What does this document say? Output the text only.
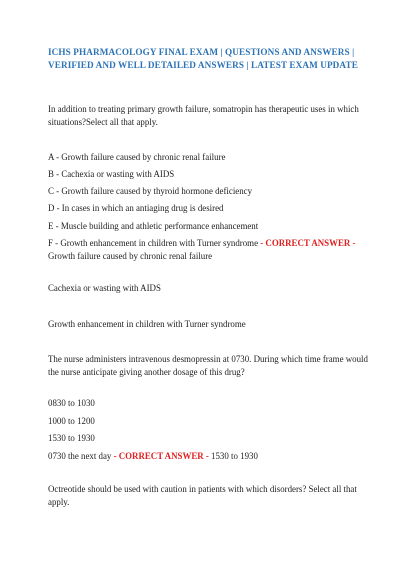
ICHS PHARMACOLOGY FINAL EXAM | QUESTIONS AND ANSWERS | VERIFIED AND WELL DETAILED ANSWERS | LATEST EXAM UPDATE

In addition to treating primary growth failure, somatropin has therapeutic uses in which situations?Select all that apply.

A - Growth failure caused by chronic renal failure

B - Cachexia or wasting with AIDS

C - Growth failure caused by thyroid hormone deficiency

D - In cases in which an antiaging drug is desired

E - Muscle building and athletic performance enhancement

F - Growth enhancement in children with Turner syndrome - CORRECT ANSWER - Growth failure caused by chronic renal failure

Cachexia or wasting with AIDS

Growth enhancement in children with Turner syndrome

The nurse administers intravenous desmopressin at 0730. During which time frame would the nurse anticipate giving another dosage of this drug?

0830 to 1030

1000 to 1200

1530 to 1930

0730 the next day - CORRECT ANSWER - 1530 to 1930

Octreotide should be used with caution in patients with which disorders? Select all that apply.
